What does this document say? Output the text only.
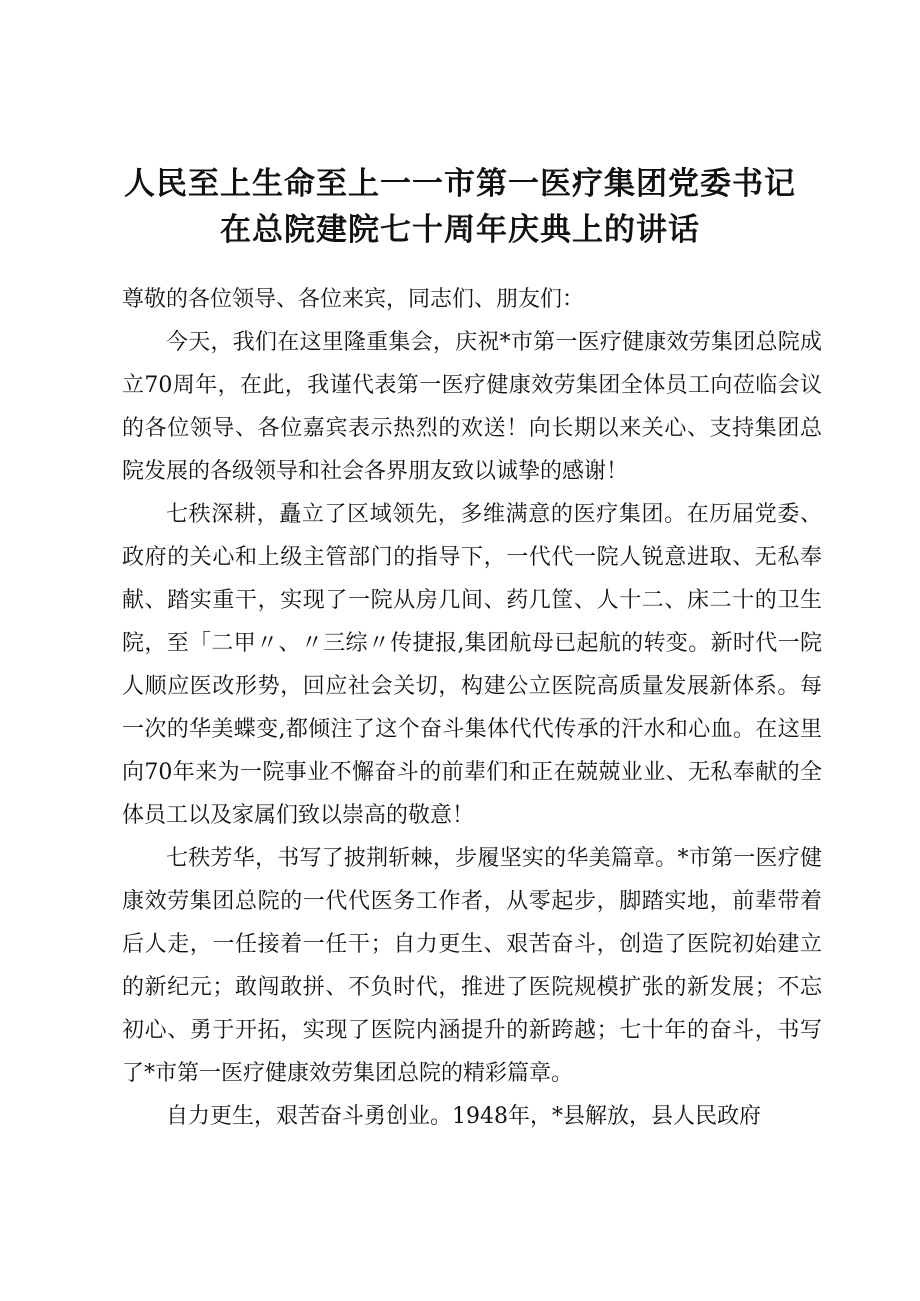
人民至上生命至上一一市第一医疗集团党委书记
在总院建院七十周年庆典上的讲话
尊敬的各位领导、各位来宾，同志们、朋友们：

今天，我们在这里隆重集会，庆祝*市第一医疗健康效劳集团总院成立70周年，在此，我谨代表第一医疗健康效劳集团全体员工向莅临会议的各位领导、各位嘉宾表示热烈的欢送！向长期以来关心、支持集团总院发展的各级领导和社会各界朋友致以诚挚的感谢！

七秩深耕，矗立了区域领先，多维满意的医疗集团。在历届党委、政府的关心和上级主管部门的指导下，一代代一院人锐意进取、无私奉献、踏实重干，实现了一院从房几间、药几筐、人十二、床二十的卫生院，至「二甲〃、〃三综〃传捷报,集团航母已起航的转变。新时代一院人顺应医改形势，回应社会关切，构建公立医院高质量发展新体系。每一次的华美蝶变,都倾注了这个奋斗集体代代传承的汗水和心血。在这里向70年来为一院事业不懈奋斗的前辈们和正在兢兢业业、无私奉献的全体员工以及家属们致以崇高的敬意！

七秩芳华，书写了披荆斩棘，步履坚实的华美篇章。*市第一医疗健康效劳集团总院的一代代医务工作者，从零起步，脚踏实地，前辈带着后人走，一任接着一任干；自力更生、艰苦奋斗，创造了医院初始建立的新纪元；敢闯敢拼、不负时代，推进了医院规模扩张的新发展；不忘初心、勇于开拓，实现了医院内涵提升的新跨越；七十年的奋斗，书写了*市第一医疗健康效劳集团总院的精彩篇章。

自力更生，艰苦奋斗勇创业。1948年，*县解放，县人民政府
